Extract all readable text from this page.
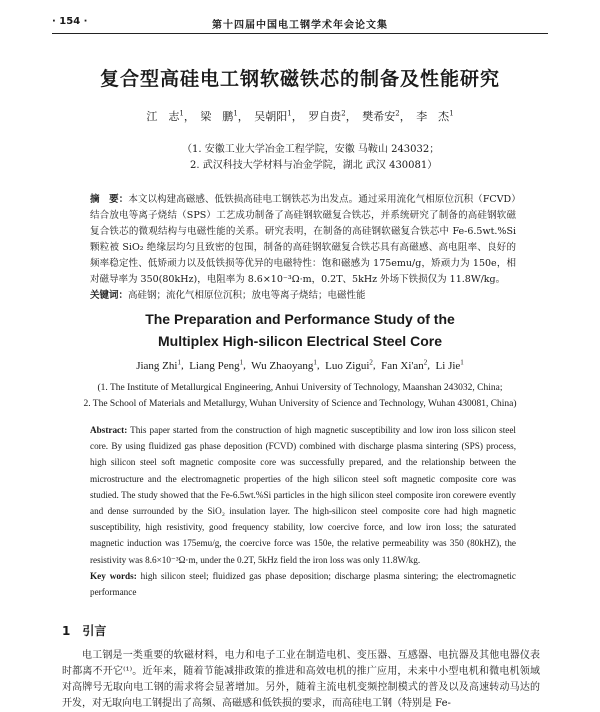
· 154 ·	第十四届中国电工钢学术年会论文集
复合型高硅电工钢软磁铁芯的制备及性能研究
江　志$^1$， 梁　鹏$^1$， 吴朝阳$^1$， 罗自贵$^2$， 樊希安$^2$， 李　杰$^1$
（1. 安徽工业大学冶金工程学院，安徽 马鞍山 243032；
2. 武汉科技大学材料与冶金学院，湖北 武汉 430081）
摘　要：本文以构建高磁感、低铁损高硅电工钢铁芯为出发点。通过采用流化气相原位沉积（FCVD）结合放电等离子烧结（SPS）工艺成功制备了高硅钢软磁复合铁芯，并系统研究了制备的高硅钢软磁复合铁芯的微观结构与电磁性能的关系。研究表明，在制备的高硅钢软磁复合铁芯中 Fe-6.5wt.%Si 颗粒被 SiO₂ 绝缘层均匀且致密的包围，制备的高硅钢软磁复合铁芯具有高磁感、高电阻率、良好的频率稳定性、低矫顽力以及低铁损等优异的电磁特性：饱和磁感为 175emu/g，矫顽力为 150e，相对磁导率为 350(80kHz)，电阻率为 8.6×10⁻³Ω·m，0.2T、5kHz 外场下铁损仅为 11.8W/kg。
关键词：高硅钢；流化气相原位沉积；放电等离子烧结；电磁性能
The Preparation and Performance Study of the
Multiplex High-silicon Electrical Steel Core
Jiang Zhi$^1$,  Liang Peng$^1$,  Wu Zhaoyang$^1$,  Luo Zigui$^2$,  Fan $Xi'an^2$,  Li Jie$^1$
(1. The Institute of Metallurgical Engineering, Anhui University of Technology, Maanshan 243032, China;
2. The School of Materials and Metallurgy, Wuhan University of Science and Technology, Wuhan 430081, China)
Abstract: This paper started from the construction of high magnetic susceptibility and low iron loss silicon steel core. By using fluidized gas phase deposition (FCVD) combined with discharge plasma sintering (SPS) process, high silicon steel soft magnetic composite core was successfully prepared, and the relationship between the microstructure and the electromagnetic properties of the high silicon steel soft magnetic composite core was studied. The study showed that the Fe-6.5wt.%Si particles in the high silicon steel composite iron corewere evently and dense surrounded by the SiO₂ insulation layer. The high-silicon steel composite core had high magnetic susceptibility, high resistivity, good frequency stability, low coercive force, and low iron loss; the saturated magnetic induction was 175emu/g, the coercive force was 150e, the relative permeability was 350 (80kHZ), the resistivity was 8.6×10⁻³Ω·m, under the 0.2T, 5kHz field the iron loss was only 11.8W/kg.
Key words: high silicon steel; fluidized gas phase deposition; discharge plasma sintering; the electromagnetic performance
1　引言
电工钢是一类重要的软磁材料，电力和电子工业在制造电机、变压器、互感器、电抗器及其他电器仪表时都离不开它⁽¹⁾。近年来，随着节能减排政策的推进和高效电机的推广应用，未来中小型电机和微电机领域对高牌号无取向电工钢的需求将会显著增加。另外，随着主流电机变频控制模式的普及以及高速转动马达的开发，对无取向电工钢提出了高频、高磁感和低铁损的要求，而高硅电工钢（特别是 Fe-
